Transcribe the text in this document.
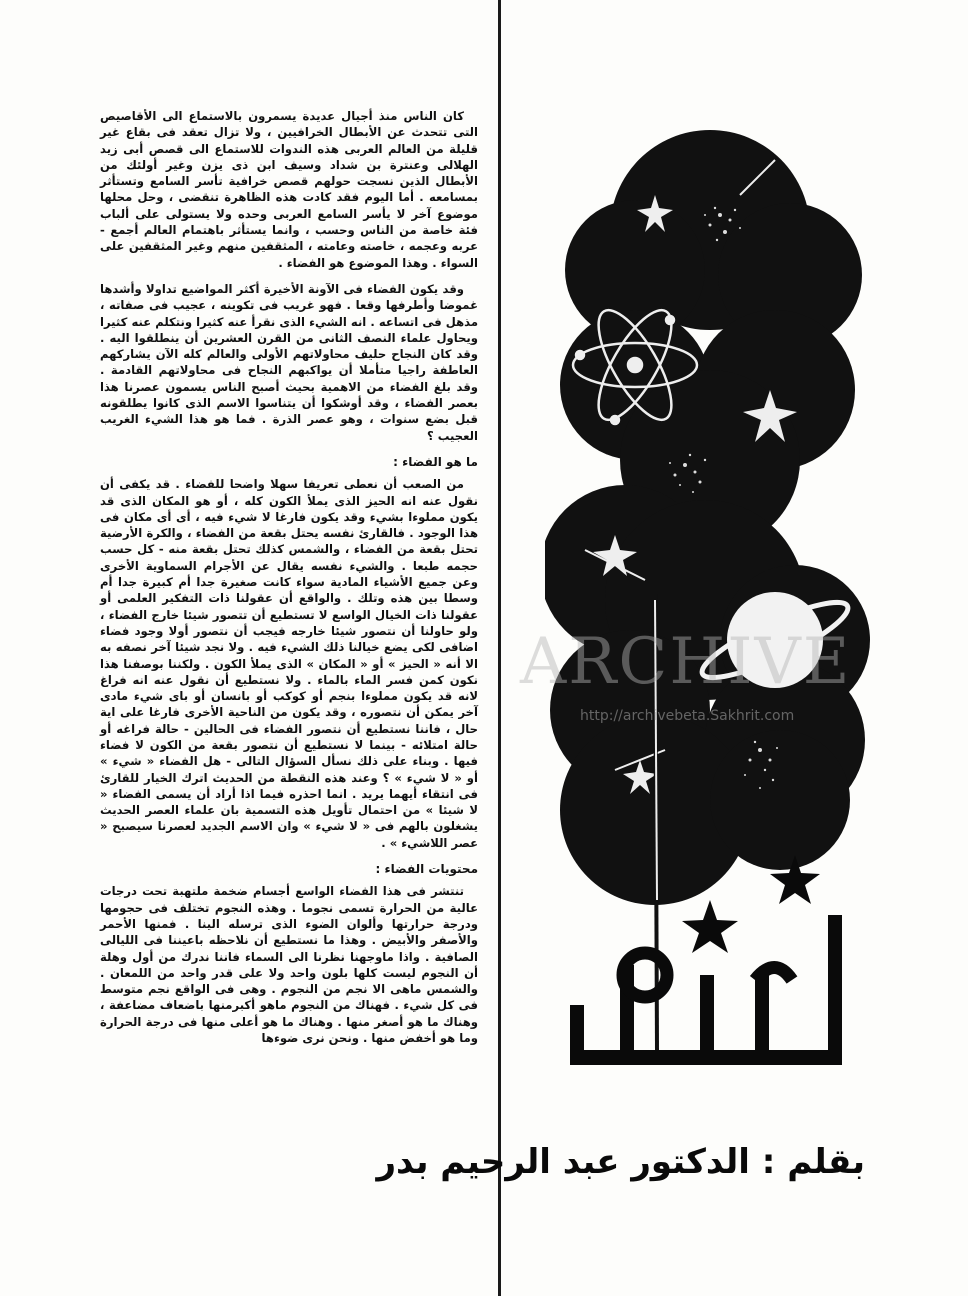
كان الناس منذ أجيال عديدة يسمرون بالاستماع الى الأقاصيص التى تتحدث عن الأبطال الخرافيين ، ولا تزال تعقد فى بقاع غير قليلة من العالم العربى هذه الندوات للاستماع الى قصص أبى زيد الهلالى وعنترة بن شداد وسيف ابن ذى يزن وغير أولئك من الأبطال الذين نسجت حولهم قصص خرافية تأسر السامع وتستأثر بمسامعه . أما اليوم فقد كادت هذه الظاهرة تنقضى ، وحل محلها موضوع آخر لا يأسر السامع العربى وحده ولا يستولى على ألباب فئة خاصة من الناس وحسب ، وانما يستأثر باهتمام العالم أجمع - عربه وعجمه ، خاصته وعامته ، المثقفين منهم وغير المثقفين على السواء . وهذا الموضوع هو الفضاء .

وقد يكون الفضاء فى الآونة الأخيرة أكثر المواضيع تداولا وأشدها غموضا وأطرفها وقعا . فهو غريب فى تكوينه ، عجيب فى صفاته ، مذهل فى اتساعه . انه الشيء الذى نقرأ عنه كثيرا ونتكلم عنه كثيرا ويحاول علماء النصف الثانى من القرن العشرين أن ينطلقوا اليه . وقد كان النجاح حليف محاولاتهم الأولى والعالم كله الآن يشاركهم العاطفة راجيا متأملا أن يواكبهم النجاح فى محاولاتهم القادمة . وقد بلغ الفضاء من الاهمية بحيث أصبح الناس يسمون عصرنا هذا بعصر الفضاء ، وقد أوشكوا أن يتناسوا الاسم الذى كانوا يطلقونه قبل بضع سنوات ، وهو عصر الذرة . فما هو هذا الشيء الغريب العجيب ؟

ما هو الفضاء :

من الصعب أن نعطى تعريفا سهلا واضحا للفضاء . قد يكفى أن نقول عنه انه الحيز الذى يملأ الكون كله ، أو هو المكان الذى قد يكون مملوءا بشيء وقد يكون فارغا لا شيء فيه ، أى أى مكان فى هذا الوجود . فالقارئ نفسه يحتل بقعة من الفضاء ، والكرة الأرضية تحتل بقعة من الفضاء ، والشمس كذلك تحتل بقعة منه - كل حسب حجمه طبعا . والشيء نفسه يقال عن الأجرام السماوية الأخرى وعن جميع الأشياء المادية سواء كانت صغيرة جدا أم كبيرة جدا أم وسطا بين هذه وتلك . والواقع أن عقولنا ذات التفكير العلمى أو عقولنا ذات الخيال الواسع لا تستطيع أن تتصور شيئا خارج الفضاء ، ولو حاولنا أن نتصور شيئا خارجه فيجب أن نتصور أولا وجود فضاء اضافى لكى يضع خيالنا ذلك الشيء فيه . ولا نجد شيئا آخر نصفه به الا أنه « الحيز » أو « المكان » الذى يملأ الكون . ولكننا بوصفنا هذا نكون كمن فسر الماء بالماء . ولا نستطيع أن نقول عنه انه فراغ لانه قد يكون مملوءا بنجم أو كوكب أو بانسان أو باى شيء مادى آخر يمكن أن نتصوره ، وقد يكون من الناحية الأخرى فارغا على اية حال ، فاننا نستطيع أن نتصور الفضاء فى الحالين - حالة فراغه أو حالة امتلائه - بينما لا نستطيع أن نتصور بقعة من الكون لا فضاء فيها . وبناء على ذلك نسأل السؤال التالى - هل الفضاء « شيء » أو « لا شيء » ؟ وعند هذه النقطة من الحديث اترك الخيار للقارئ فى انتقاء أيهما يريد . انما احذره فيما اذا أراد أن يسمى الفضاء « لا شيئا » من احتمال تأويل هذه التسمية بان علماء العصر الحديث يشغلون بالهم فى « لا شيء » وان الاسم الجديد لعصرنا سيصبح « عصر اللاشيء » .

محتويات الفضاء :

تنتشر فى هذا الفضاء الواسع أجسام ضخمة ملتهبة تحت درجات عالية من الحرارة تسمى نجوما . وهذه النجوم تختلف فى حجومها ودرجة حرارتها وألوان الضوء الذى ترسله الينا . فمنها الأحمر والأصفر والأبيض . وهذا ما نستطيع أن نلاحظه باعيننا فى الليالى الصافية . واذا ماوجهنا نظرنا الى السماء فاننا ندرك من أول وهلة أن النجوم ليست كلها بلون واحد ولا على قدر واحد من اللمعان . والشمس ماهى الا نجم من النجوم . وهى فى الواقع نجم متوسط فى كل شيء . فهناك من النجوم ماهو أكبرمنها باضعاف مضاعفة ، وهناك ما هو أصغر منها . وهناك ما هو أعلى منها فى درجة الحرارة وما هو أخفض منها . ونحن نرى ضوءها

بقلم : الدكتور عبد الرحيم بدر
ARCHIVE
http://archivebeta.Sakhrit.com
